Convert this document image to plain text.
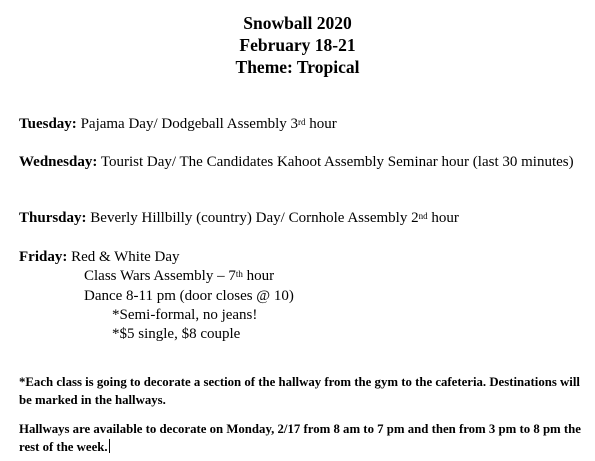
Snowball 2020
February 18-21
Theme: Tropical
Tuesday: Pajama Day/ Dodgeball Assembly 3rd hour
Wednesday: Tourist Day/ The Candidates Kahoot Assembly Seminar hour (last 30 minutes)
Thursday: Beverly Hillbilly (country) Day/ Cornhole Assembly 2nd hour
Friday: Red & White Day
Class Wars Assembly – 7th hour
Dance 8-11 pm (door closes @ 10)
*Semi-formal, no jeans!
*$5 single, $8 couple
*Each class is going to decorate a section of the hallway from the gym to the cafeteria. Destinations will be marked in the hallways.
Hallways are available to decorate on Monday, 2/17 from 8 am to 7 pm and then from 3 pm to 8 pm the rest of the week.
